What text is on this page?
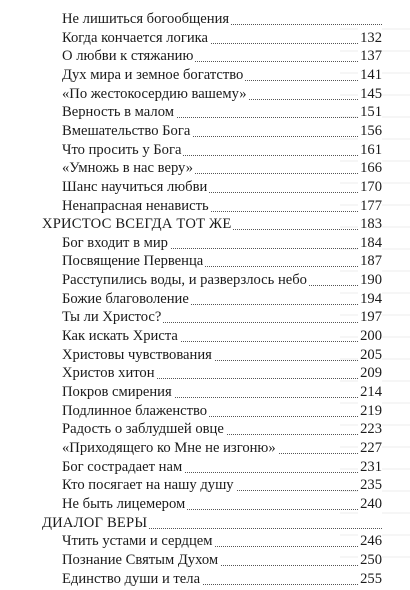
Не лишиться богообщения
Когда кончается логика	132
О любви к стяжанию	137
Дух мира и земное богатство	141
«По жестокосердию вашему»	145
Верность в малом	151
Вмешательство Бога	156
Что просить у Бога	161
«Умножь в нас веру»	166
Шанс научиться любви	170
Ненапрасная ненависть	177
ХРИСТОС ВСЕГДА ТОТ ЖЕ	183
Бог входит в мир	184
Посвящение Первенца	187
Расступились воды, и разверзлось небо	190
Божие благоволение	194
Ты ли Христос?	197
Как искать Христа	200
Христовы чувствования	205
Христов хитон	209
Покров смирения	214
Подлинное блаженство	219
Радость о заблудшей овце	223
«Приходящего ко Мне не изгоню»	227
Бог сострадает нам	231
Кто посягает на нашу душу	235
Не быть лицемером	240
ДИАЛОГ ВЕРЫ
Чтить устами и сердцем	246
Познание Святым Духом	250
Единство души и тела	255
